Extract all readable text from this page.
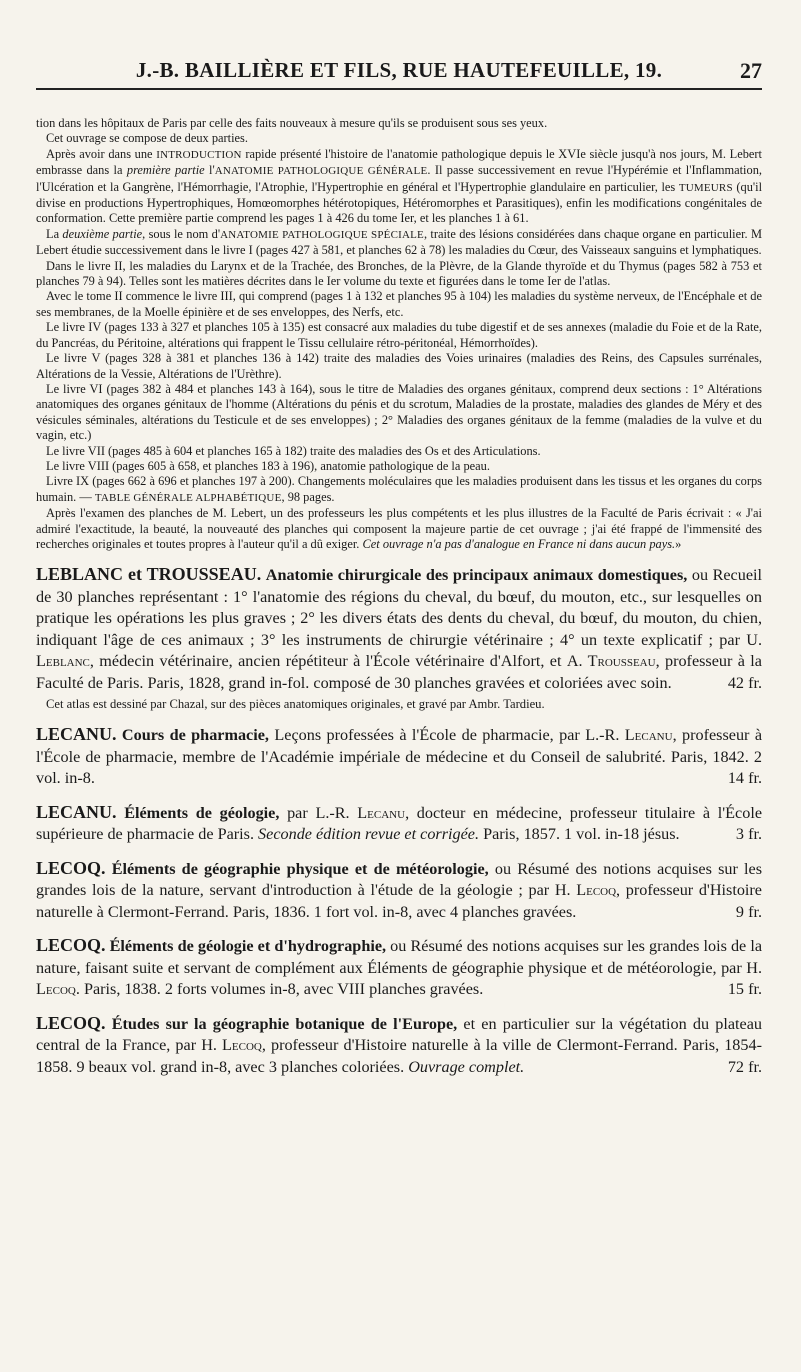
J.-B. BAILLIÈRE ET FILS, RUE HAUTEFEUILLE, 19.	27

tion dans les hôpitaux de Paris par celle des faits nouveaux à mesure qu'ils se produisent sous ses yeux.

Cet ouvrage se compose de deux parties.

Après avoir dans une INTRODUCTION rapide présenté l'histoire de l'anatomie pathologique depuis le XVIe siècle jusqu'à nos jours, M. Lebert embrasse dans la première partie l'ANATOMIE PATHOLOGIQUE GÉNÉRALE. Il passe successivement en revue l'Hypérémie et l'Inflammation, l'Ulcération et la Gangrène, l'Hémorrhagie, l'Atrophie, l'Hypertrophie en général et l'Hypertrophie glandulaire en particulier, les TUMEURS (qu'il divise en productions Hypertrophiques, Homœomorphes hétérotopiques, Hétéromorphes et Parasitiques), enfin les modifications congénitales de conformation. Cette première partie comprend les pages 1 à 426 du tome Ier, et les planches 1 à 61.

La deuxième partie, sous le nom d'ANATOMIE PATHOLOGIQUE SPÉCIALE, traite des lésions considérées dans chaque organe en particulier. M Lebert étudie successivement dans le livre I (pages 427 à 581, et planches 62 à 78) les maladies du Cœur, des Vaisseaux sanguins et lymphatiques.

Dans le livre II, les maladies du Larynx et de la Trachée, des Bronches, de la Plèvre, de la Glande thyroïde et du Thymus (pages 582 à 753 et planches 79 à 94). Telles sont les matières décrites dans le Ier volume du texte et figurées dans le tome Ier de l'atlas.

Avec le tome II commence le livre III, qui comprend (pages 1 à 132 et planches 95 à 104) les maladies du système nerveux, de l'Encéphale et de ses membranes, de la Moelle épinière et de ses enveloppes, des Nerfs, etc.

Le livre IV (pages 133 à 327 et planches 105 à 135) est consacré aux maladies du tube digestif et de ses annexes (maladie du Foie et de la Rate, du Pancréas, du Péritoine, altérations qui frappent le Tissu cellulaire rétro-péritonéal, Hémorrhoïdes).

Le livre V (pages 328 à 381 et planches 136 à 142) traite des maladies des Voies urinaires (maladies des Reins, des Capsules surrénales, Altérations de la Vessie, Altérations de l'Urèthre).

Le livre VI (pages 382 à 484 et planches 143 à 164), sous le titre de Maladies des organes génitaux, comprend deux sections : 1° Altérations anatomiques des organes génitaux de l'homme (Altérations du pénis et du scrotum, Maladies de la prostate, maladies des glandes de Méry et des vésicules séminales, altérations du Testicule et de ses enveloppes) ; 2° Maladies des organes génitaux de la femme (maladies de la vulve et du vagin, etc.)

Le livre VII (pages 485 à 604 et planches 165 à 182) traite des maladies des Os et des Articulations.

Le livre VIII (pages 605 à 658, et planches 183 à 196), anatomie pathologique de la peau.

Livre IX (pages 662 à 696 et planches 197 à 200). Changements moléculaires que les maladies produisent dans les tissus et les organes du corps humain. — TABLE GÉNÉRALE ALPHABÉTIQUE, 98 pages.

Après l'examen des planches de M. Lebert, un des professeurs les plus compétents et les plus illustres de la Faculté de Paris écrivait : « J'ai admiré l'exactitude, la beauté, la nouveauté des planches qui composent la majeure partie de cet ouvrage ; j'ai été frappé de l'immensité des recherches originales et toutes propres à l'auteur qu'il a dû exiger. Cet ouvrage n'a pas d'analogue en France ni dans aucun pays.»

LEBLANC et TROUSSEAU. Anatomie chirurgicale des principaux animaux domestiques, ou Recueil de 30 planches représentant : 1° l'anatomie des régions du cheval, du bœuf, du mouton, etc., sur lesquelles on pratique les opérations les plus graves ; 2° les divers états des dents du cheval, du bœuf, du mouton, du chien, indiquant l'âge de ces animaux ; 3° les instruments de chirurgie vétérinaire ; 4° un texte explicatif ; par U. Leblanc, médecin vétérinaire, ancien répétiteur à l'École vétérinaire d'Alfort, et A. Trousseau, professeur à la Faculté de Paris. Paris, 1828, grand in-fol. composé de 30 planches gravées et coloriées avec soin.	42 fr.
Cet atlas est dessiné par Chazal, sur des pièces anatomiques originales, et gravé par Ambr. Tardieu.
LECANU. Cours de pharmacie, Leçons professées à l'École de pharmacie, par L.-R. Lecanu, professeur à l'École de pharmacie, membre de l'Académie impériale de médecine et du Conseil de salubrité. Paris, 1842. 2 vol. in-8.	14 fr.
LECANU. Éléments de géologie, par L.-R. Lecanu, docteur en médecine, professeur titulaire à l'École supérieure de pharmacie de Paris. Seconde édition revue et corrigée. Paris, 1857. 1 vol. in-18 jésus.	3 fr.
LECOQ. Éléments de géographie physique et de météorologie, ou Résumé des notions acquises sur les grandes lois de la nature, servant d'introduction à l'étude de la géologie ; par H. Lecoq, professeur d'Histoire naturelle à Clermont-Ferrand. Paris, 1836. 1 fort vol. in-8, avec 4 planches gravées.	9 fr.
LECOQ. Éléments de géologie et d'hydrographie, ou Résumé des notions acquises sur les grandes lois de la nature, faisant suite et servant de complément aux Éléments de géographie physique et de météorologie, par H. Lecoq. Paris, 1838. 2 forts volumes in-8, avec VIII planches gravées.	15 fr.
LECOQ. Études sur la géographie botanique de l'Europe, et en particulier sur la végétation du plateau central de la France, par H. Lecoq, professeur d'Histoire naturelle à la ville de Clermont-Ferrand. Paris, 1854-1858. 9 beaux vol. grand in-8, avec 3 planches coloriées. Ouvrage complet.	72 fr.
